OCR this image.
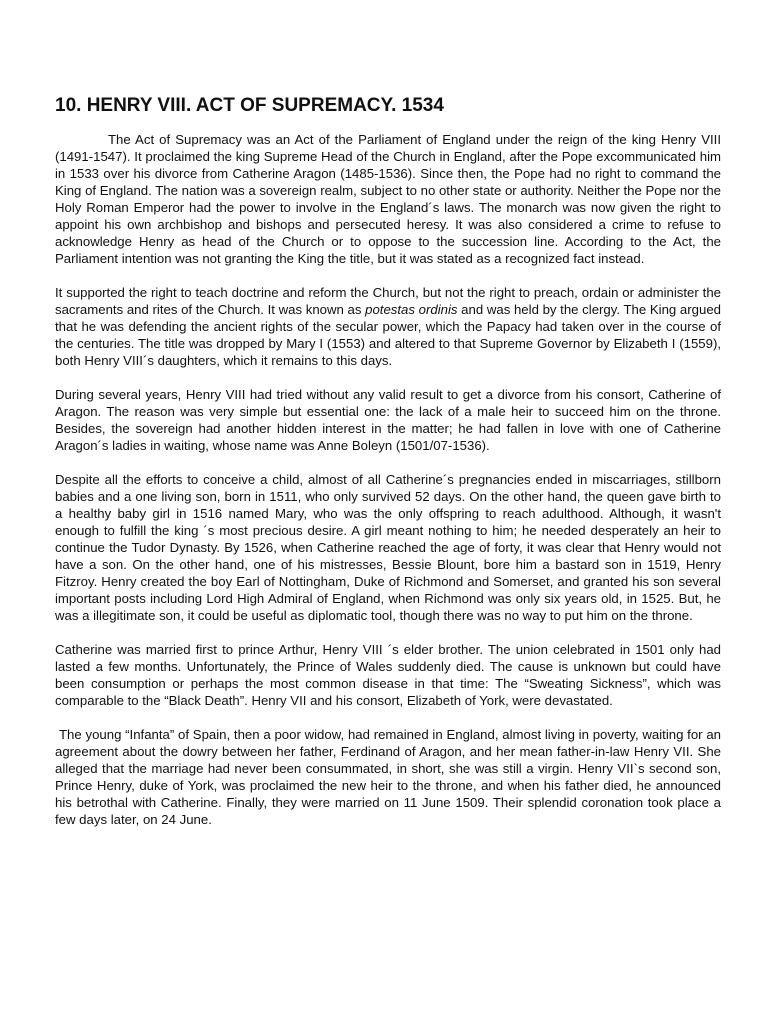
10. HENRY VIII. ACT OF SUPREMACY. 1534

The Act of Supremacy was an Act of the Parliament of England under the reign of the king Henry VIII (1491-1547). It proclaimed the king Supreme Head of the Church in England, after the Pope excommunicated him in 1533 over his divorce from Catherine Aragon (1485-1536). Since then, the Pope had no right to command the King of England. The nation was a sovereign realm, subject to no other state or authority. Neither the Pope nor the Holy Roman Emperor had the power to involve in the England´s laws. The monarch was now given the right to appoint his own archbishop and bishops and persecuted heresy. It was also considered a crime to refuse to acknowledge Henry as head of the Church or to oppose to the succession line. According to the Act, the Parliament intention was not granting the King the title, but it was stated as a recognized fact instead.

It supported the right to teach doctrine and reform the Church, but not the right to preach, ordain or administer the sacraments and rites of the Church. It was known as potestas ordinis and was held by the clergy. The King argued that he was defending the ancient rights of the secular power, which the Papacy had taken over in the course of the centuries. The title was dropped by Mary I (1553) and altered to that Supreme Governor by Elizabeth I (1559), both Henry VIII´s daughters, which it remains to this days.

During several years, Henry VIII had tried without any valid result to get a divorce from his consort, Catherine of Aragon. The reason was very simple but essential one: the lack of a male heir to succeed him on the throne. Besides, the sovereign had another hidden interest in the matter; he had fallen in love with one of Catherine Aragon´s ladies in waiting, whose name was Anne Boleyn (1501/07-1536).

Despite all the efforts to conceive a child, almost of all Catherine´s pregnancies ended in miscarriages, stillborn babies and a one living son, born in 1511, who only survived 52 days. On the other hand, the queen gave birth to a healthy baby girl in 1516 named Mary, who was the only offspring to reach adulthood. Although, it wasn't enough to fulfill the king ´s most precious desire. A girl meant nothing to him; he needed desperately an heir to continue the Tudor Dynasty. By 1526, when Catherine reached the age of forty, it was clear that Henry would not have a son. On the other hand, one of his mistresses, Bessie Blount, bore him a bastard son in 1519, Henry Fitzroy. Henry created the boy Earl of Nottingham, Duke of Richmond and Somerset, and granted his son several important posts including Lord High Admiral of England, when Richmond was only six years old, in 1525. But, he was a illegitimate son, it could be useful as diplomatic tool, though there was no way to put him on the throne.

Catherine was married first to prince Arthur, Henry VIII ´s elder brother. The union celebrated in 1501 only had lasted a few months. Unfortunately, the Prince of Wales suddenly died. The cause is unknown but could have been consumption or perhaps the most common disease in that time: The “Sweating Sickness”, which was comparable to the “Black Death”. Henry VII and his consort, Elizabeth of York, were devastated.

The young “Infanta” of Spain, then a poor widow, had remained in England, almost living in poverty, waiting for an agreement about the dowry between her father, Ferdinand of Aragon, and her mean father-in-law Henry VII. She alleged that the marriage had never been consummated, in short, she was still a virgin. Henry VII`s second son, Prince Henry, duke of York, was proclaimed the new heir to the throne, and when his father died, he announced his betrothal with Catherine. Finally, they were married on 11 June 1509. Their splendid coronation took place a few days later, on 24 June.
